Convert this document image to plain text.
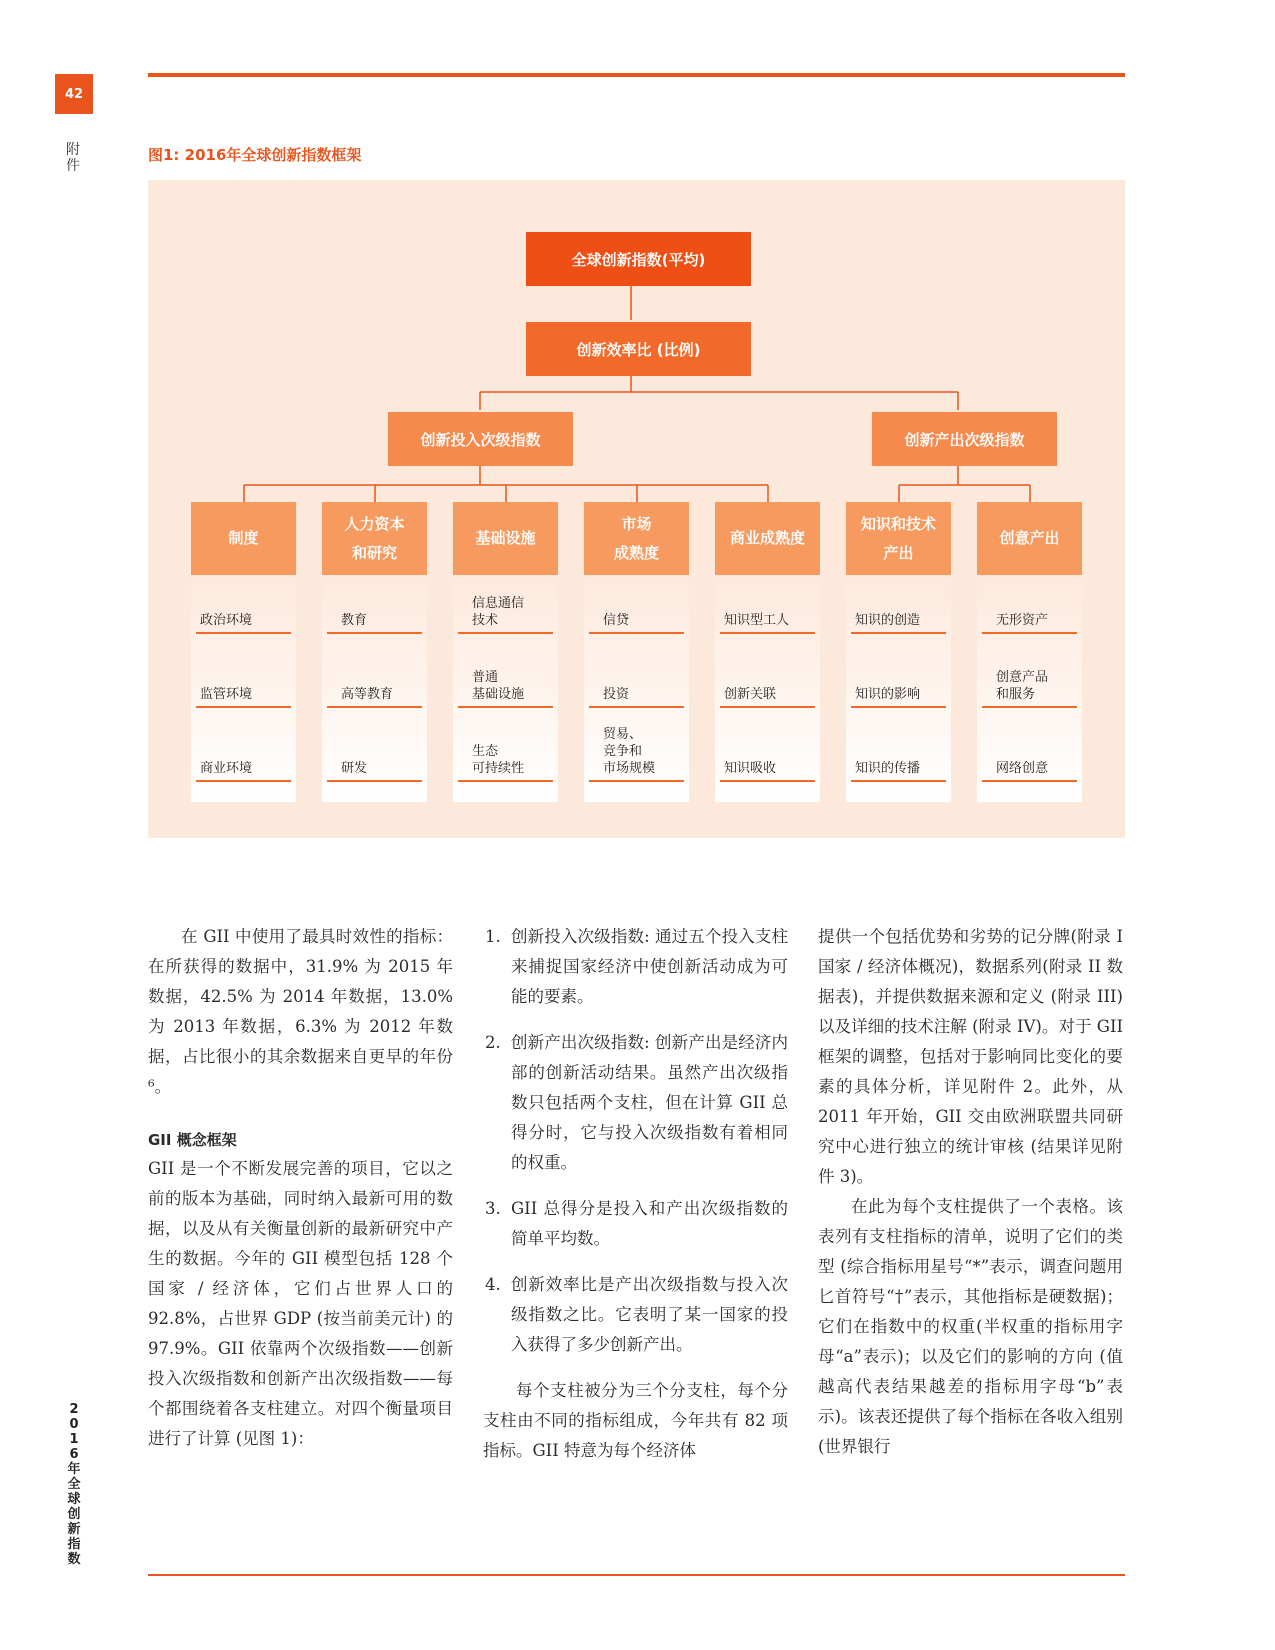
42
附
件
2
0
1
6
年
全
球
创
新
指
数
图1: 2016年全球创新指数框架
全球创新指数(平均)
创新效率比 (比例)
创新投入次级指数	创新产出次级指数
制度
政治环境
监管环境
商业环境
人力资本
和研究
教育
高等教育
研发
基础设施
信息通信
技术
普通
基础设施
生态
可持续性
市场
成熟度
信贷
投资
贸易、
竞争和
市场规模
商业成熟度
知识型工人
创新关联
知识吸收
知识和技术
产出
知识的创造
知识的影响
知识的传播
创意产出
无形资产
创意产品
和服务
网络创意

在 GII 中使用了最具时效性的指标：在所获得的数据中，31.9% 为 2015 年数据，42.5% 为 2014 年数据，13.0% 为 2013 年数据，6.3% 为 2012 年数据，占比很小的其余数据来自更早的年份 ⁶。

GII 概念框架

GII 是一个不断发展完善的项目，它以之前的版本为基础，同时纳入最新可用的数据，以及从有关衡量创新的最新研究中产生的数据。今年的 GII 模型包括 128 个国家 / 经济体，它们占世界人口的 92.8%，占世界 GDP (按当前美元计) 的 97.9%。GII 依靠两个次级指数——创新投入次级指数和创新产出次级指数——每个都围绕着各支柱建立。对四个衡量项目进行了计算 (见图 1)：

1. 创新投入次级指数: 通过五个投入支柱来捕捉国家经济中使创新活动成为可能的要素。
2. 创新产出次级指数: 创新产出是经济内部的创新活动结果。虽然产出次级指数只包括两个支柱，但在计算 GII 总得分时，它与投入次级指数有着相同的权重。
3. GII 总得分是投入和产出次级指数的简单平均数。
4. 创新效率比是产出次级指数与投入次级指数之比。它表明了某一国家的投入获得了多少创新产出。

每个支柱被分为三个分支柱，每个分支柱由不同的指标组成，今年共有 82 项指标。GII 特意为每个经济体

提供一个包括优势和劣势的记分牌(附录 I 国家 / 经济体概况)，数据系列(附录 II 数据表)，并提供数据来源和定义 (附录 III) 以及详细的技术注解 (附录 IV)。对于 GII 框架的调整，包括对于影响同比变化的要素的具体分析，详见附件 2。此外，从 2011 年开始，GII 交由欧洲联盟共同研究中心进行独立的统计审核 (结果详见附件 3)。

在此为每个支柱提供了一个表格。该表列有支柱指标的清单，说明了它们的类型 (综合指标用星号“*”表示，调查问题用匕首符号“†”表示，其他指标是硬数据)；它们在指数中的权重(半权重的指标用字母“a”表示)；以及它们的影响的方向 (值越高代表结果越差的指标用字母“b”表示)。该表还提供了每个指标在各收入组别 (世界银行
